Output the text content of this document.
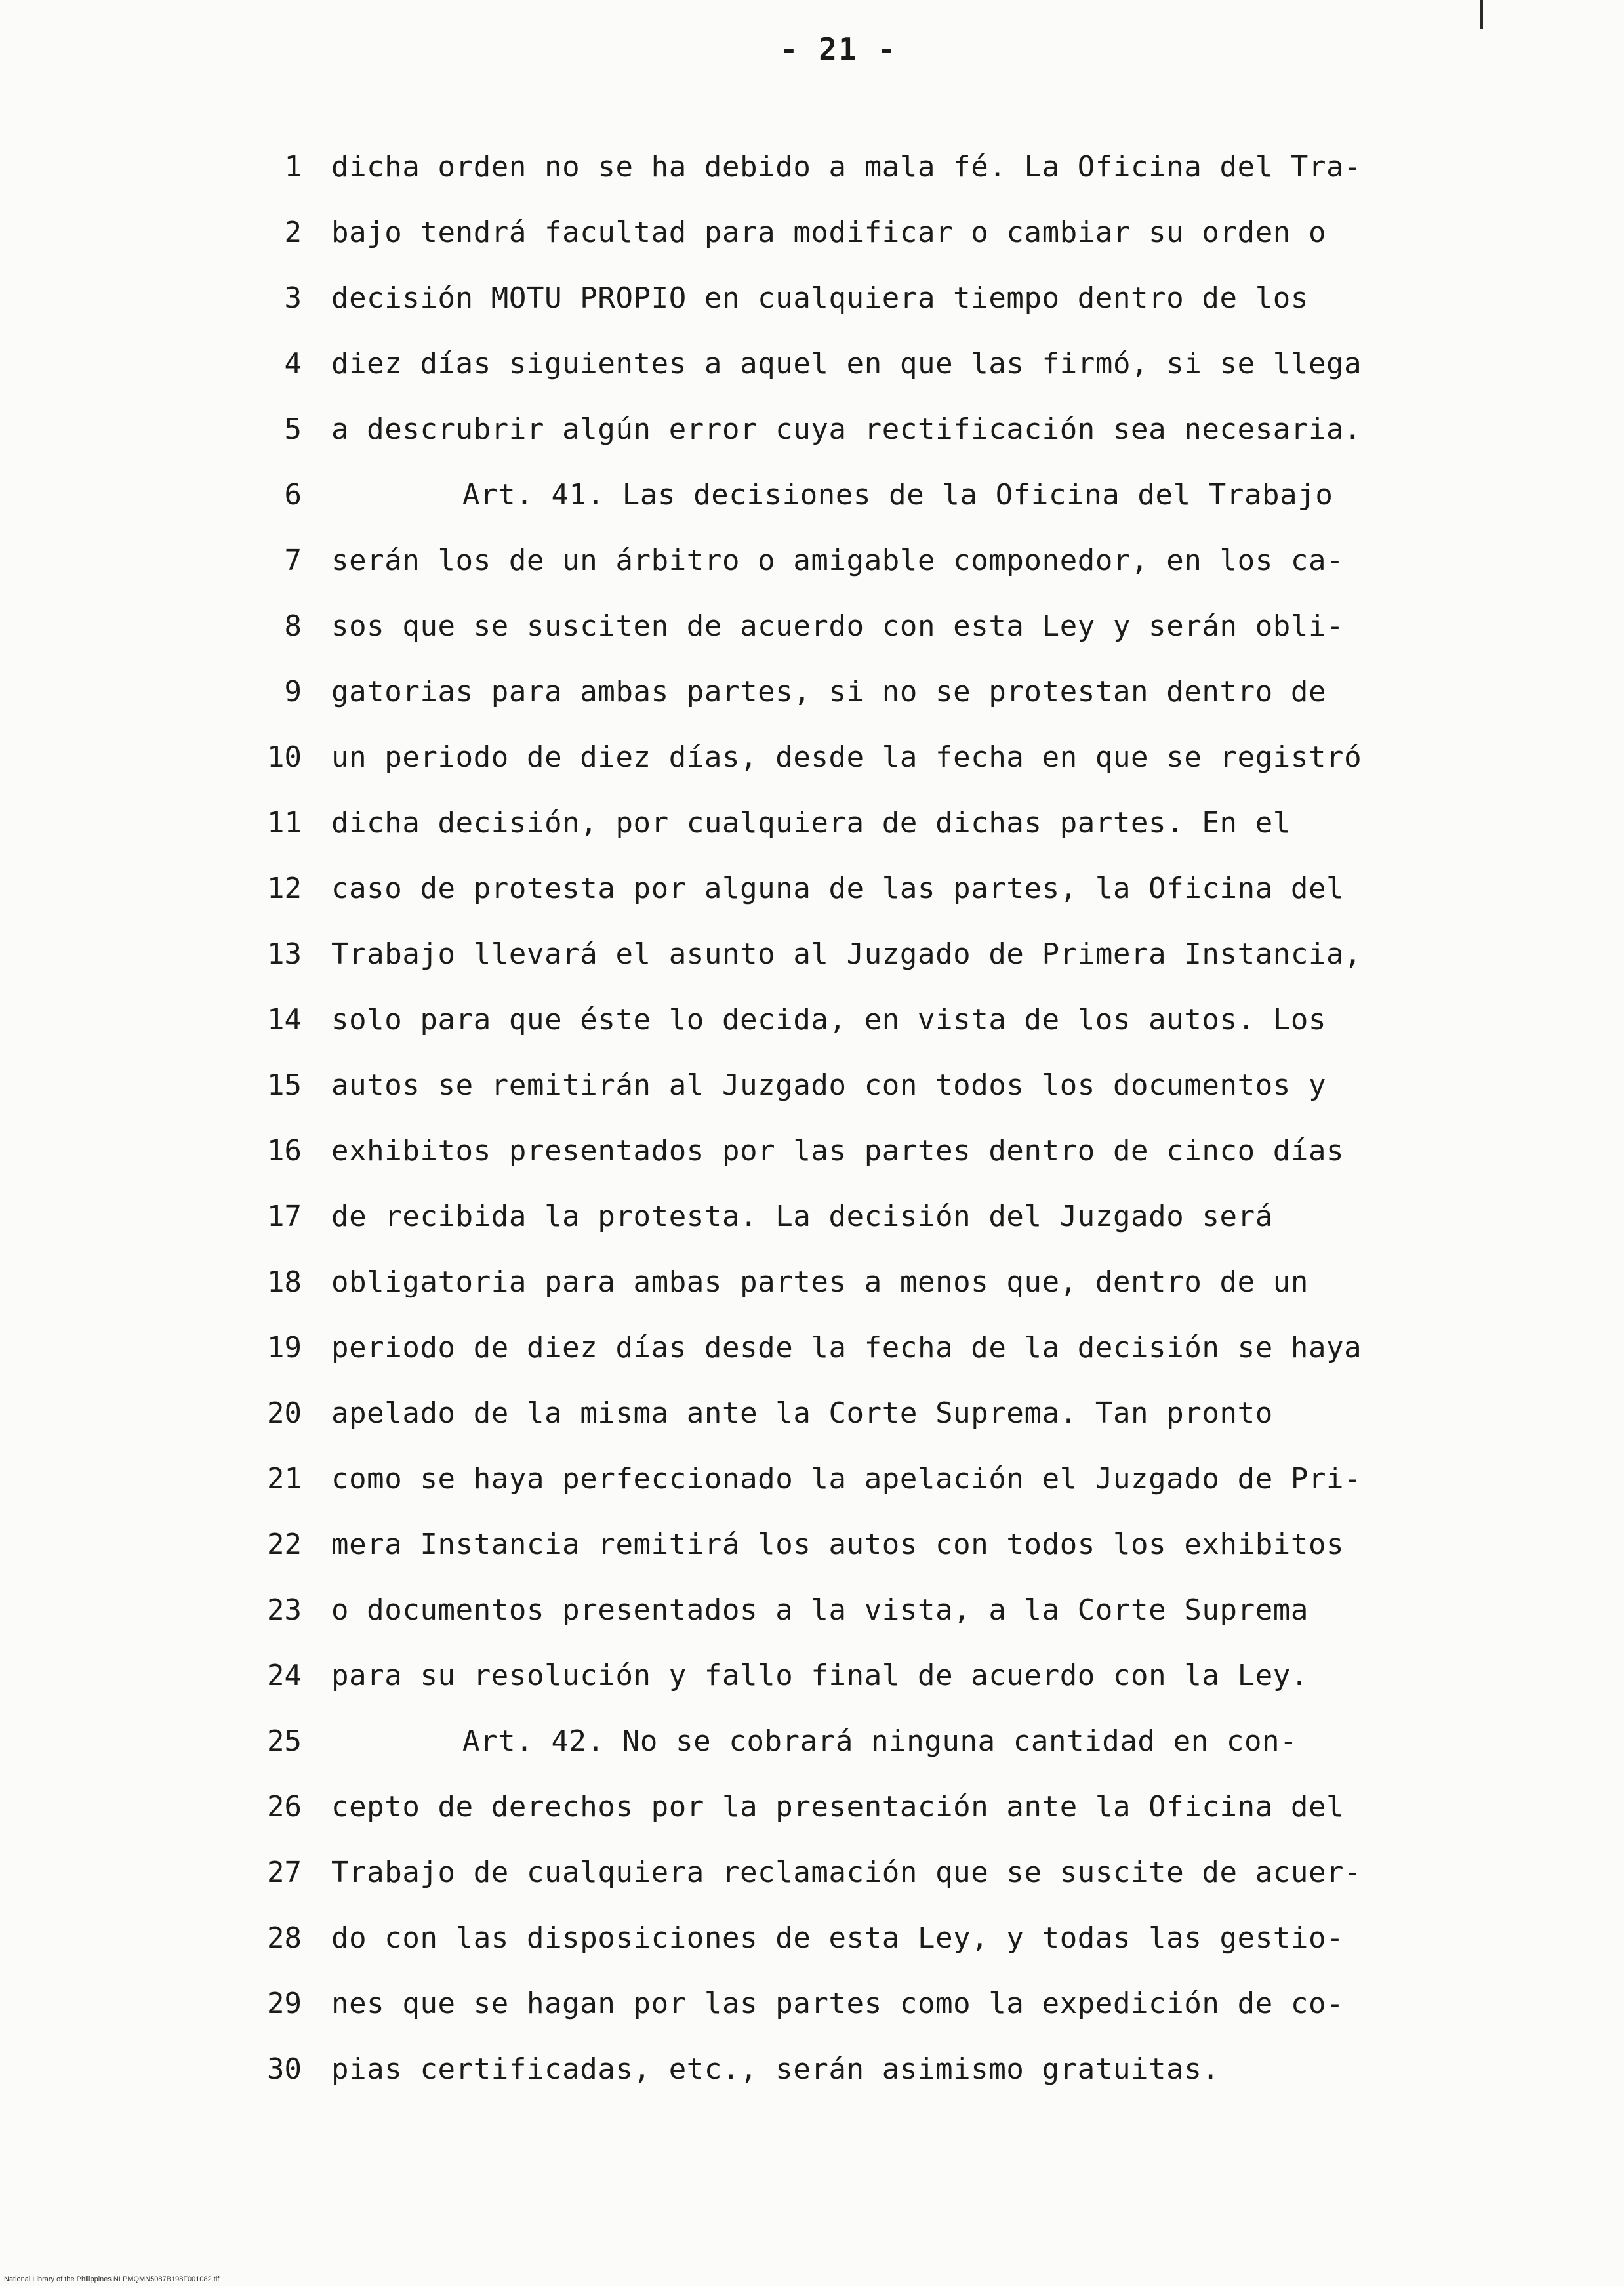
- 21 -
1 dicha orden no se ha debido a mala fé. La Oficina del Tra-
2 bajo tendrá facultad para modificar o cambiar su orden o
3 decisión MOTU PROPIO en cualquiera tiempo dentro de los
4 diez días siguientes a aquel en que las firmó, si se llega
5 a descrubrir algún error cuya rectificación sea necesaria.
6	Art. 41. Las decisiones de la Oficina del Trabajo
7 serán los de un árbitro o amigable componedor, en los ca-
8 sos que se susciten de acuerdo con esta Ley y serán obli-
9 gatorias para ambas partes, si no se protestan dentro de
10 un periodo de diez días, desde la fecha en que se registró
11 dicha decisión, por cualquiera de dichas partes. En el
12 caso de protesta por alguna de las partes, la Oficina del
13 Trabajo llevará el asunto al Juzgado de Primera Instancia,
14 solo para que éste lo decida, en vista de los autos. Los
15 autos se remitirán al Juzgado con todos los documentos y
16 exhibitos presentados por las partes dentro de cinco días
17 de recibida la protesta. La decisión del Juzgado será
18 obligatoria para ambas partes a menos que, dentro de un
19 periodo de diez días desde la fecha de la decisión se haya
20 apelado de la misma ante la Corte Suprema. Tan pronto
21 como se haya perfeccionado la apelación el Juzgado de Pri-
22 mera Instancia remitirá los autos con todos los exhibitos
23 o documentos presentados a la vista, a la Corte Suprema
24 para su resolución y fallo final de acuerdo con la Ley.
25	Art. 42. No se cobrará ninguna cantidad en con-
26 cepto de derechos por la presentación ante la Oficina del
27 Trabajo de cualquiera reclamación que se suscite de acuer-
28 do con las disposiciones de esta Ley, y todas las gestio-
29 nes que se hagan por las partes como la expedición de co-
30 pias certificadas, etc., serán asimismo gratuitas.
National Library of the Philippines NLPMQMN5087B198F001082.tif
